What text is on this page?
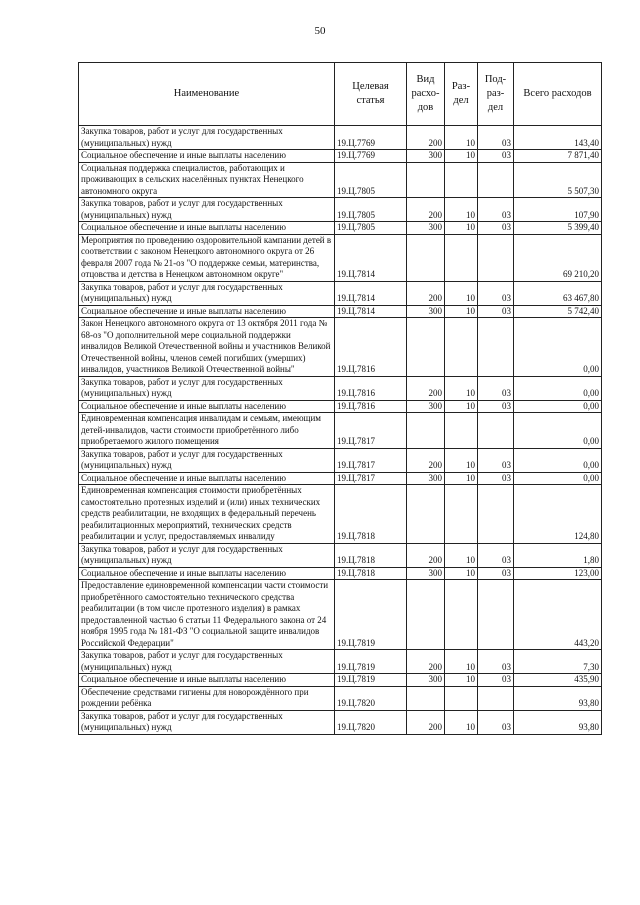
50
Наименование	Целевая статья	Вид расхо-дов	Раз-дел	Под-раз-дел	Всего расходов
Закупка товаров, работ и услуг для государственных (муниципальных) нужд	19.Ц.7769	200	10	03	143,40
Социальное обеспечение и иные выплаты населению	19.Ц.7769	300	10	03	7 871,40
Социальная поддержка специалистов, работающих и проживающих в сельских населённых пунктах Ненецкого автономного округа	19.Ц.7805				5 507,30
Закупка товаров, работ и услуг для государственных (муниципальных) нужд	19.Ц.7805	200	10	03	107,90
Социальное обеспечение и иные выплаты населению	19.Ц.7805	300	10	03	5 399,40
Мероприятия по проведению оздоровительной кампании детей в соответствии с законом Ненецкого автономного округа от 26 февраля 2007 года № 21-оз "О поддержке семьи, материнства, отцовства и детства в Ненецком автономном округе"	19.Ц.7814				69 210,20
Закупка товаров, работ и услуг для государственных (муниципальных) нужд	19.Ц.7814	200	10	03	63 467,80
Социальное обеспечение и иные выплаты населению	19.Ц.7814	300	10	03	5 742,40
Закон Ненецкого автономного округа от 13 октября 2011 года № 68-оз "О дополнительной мере социальной поддержки инвалидов Великой Отечественной войны и участников Великой Отечественной войны, членов семей погибших (умерших) инвалидов, участников Великой Отечественной войны"	19.Ц.7816				0,00
Закупка товаров, работ и услуг для государственных (муниципальных) нужд	19.Ц.7816	200	10	03	0,00
Социальное обеспечение и иные выплаты населению	19.Ц.7816	300	10	03	0,00
Единовременная компенсация инвалидам и семьям, имеющим детей-инвалидов, части стоимости приобретённого либо приобретаемого жилого помещения	19.Ц.7817				0,00
Закупка товаров, работ и услуг для государственных (муниципальных) нужд	19.Ц.7817	200	10	03	0,00
Социальное обеспечение и иные выплаты населению	19.Ц.7817	300	10	03	0,00
Единовременная компенсация стоимости приобретённых самостоятельно протезных изделий и (или) иных технических средств реабилитации, не входящих в федеральный перечень реабилитационных мероприятий, технических средств реабилитации и услуг, предоставляемых инвалиду	19.Ц.7818				124,80
Закупка товаров, работ и услуг для государственных (муниципальных) нужд	19.Ц.7818	200	10	03	1,80
Социальное обеспечение и иные выплаты населению	19.Ц.7818	300	10	03	123,00
Предоставление единовременной компенсации части стоимости приобретённого самостоятельно технического средства реабилитации (в том числе протезного изделия) в рамках предоставленной частью 6 статьи 11 Федерального закона от 24 ноября 1995 года № 181-ФЗ "О социальной защите инвалидов Российской Федерации"	19.Ц.7819				443,20
Закупка товаров, работ и услуг для государственных (муниципальных) нужд	19.Ц.7819	200	10	03	7,30
Социальное обеспечение и иные выплаты населению	19.Ц.7819	300	10	03	435,90
Обеспечение средствами гигиены для новорождённого при рождении ребёнка	19.Ц.7820				93,80
Закупка товаров, работ и услуг для государственных (муниципальных) нужд	19.Ц.7820	200	10	03	93,80
